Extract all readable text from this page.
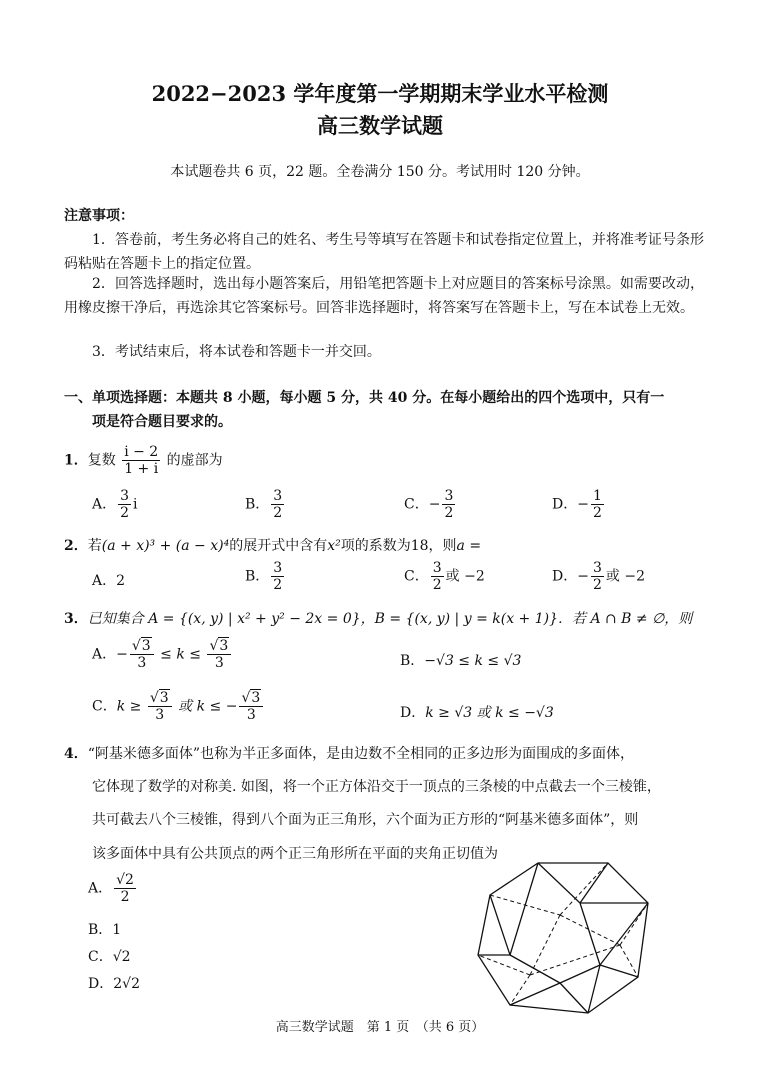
2022−2023 学年度第一学期期末学业水平检测
高三数学试题
本试题卷共 6 页，22 题。全卷满分 150 分。考试用时 120 分钟。
注意事项：
1．答卷前，考生务必将自己的姓名、考生号等填写在答题卡和试卷指定位置上，并将准考证号条形码粘贴在答题卡上的指定位置。
2．回答选择题时，选出每小题答案后，用铅笔把答题卡上对应题目的答案标号涂黑。如需要改动，用橡皮擦干净后，再选涂其它答案标号。回答非选择题时，将答案写在答题卡上，写在本试卷上无效。
3．考试结束后，将本试卷和答题卡一并交回。
一、单项选择题：本题共 8 小题，每小题 5 分，共 40 分。在每小题给出的四个选项中，只有一
项是符合题目要求的。
1．复数 $\frac{i - 2}{1 + i}$ 的虚部为
A． $\frac{3}{2}$ i	B． $\frac{3}{2}$	C．− $\frac{3}{2}$	D．− $\frac{1}{2}$
2．若(a + x)³ + (a − x)⁴的展开式中含有x²项的系数为18，则a =
A．2	B． $\frac{3}{2}$	C． $\frac{3}{2}$ 或 −2	D．− $\frac{3}{2}$ 或 −2
3．已知集合 A = {(x, y) | x² + y² − 2x = 0}，B = {(x, y) | y = k(x + 1)}．若 A ∩ B ≠ ∅，则
A．− $\frac{√3}{3} \le k \le \frac{√3}{3}$	B．−√3 ≤ k ≤ √3
C．$k \ge \frac{√3}{3}$ 或 k ≤ − $\frac{√3}{3}$	D．k ≥ √3 或 k ≤ −√3
4．“阿基米德多面体”也称为半正多面体，是由边数不全相同的正多边形为面围成的多面体，
它体现了数学的对称美. 如图，将一个正方体沿交于一顶点的三条棱的中点截去一个三棱锥，
共可截去八个三棱锥，得到八个面为正三角形，六个面为正方形的“阿基米德多面体”，则
该多面体中具有公共顶点的两个正三角形所在平面的夹角正切值为
A． $\frac{√2}{2}$
B．1
C．√2
D．2√2
高三数学试题　第 1 页　（共 6 页）
